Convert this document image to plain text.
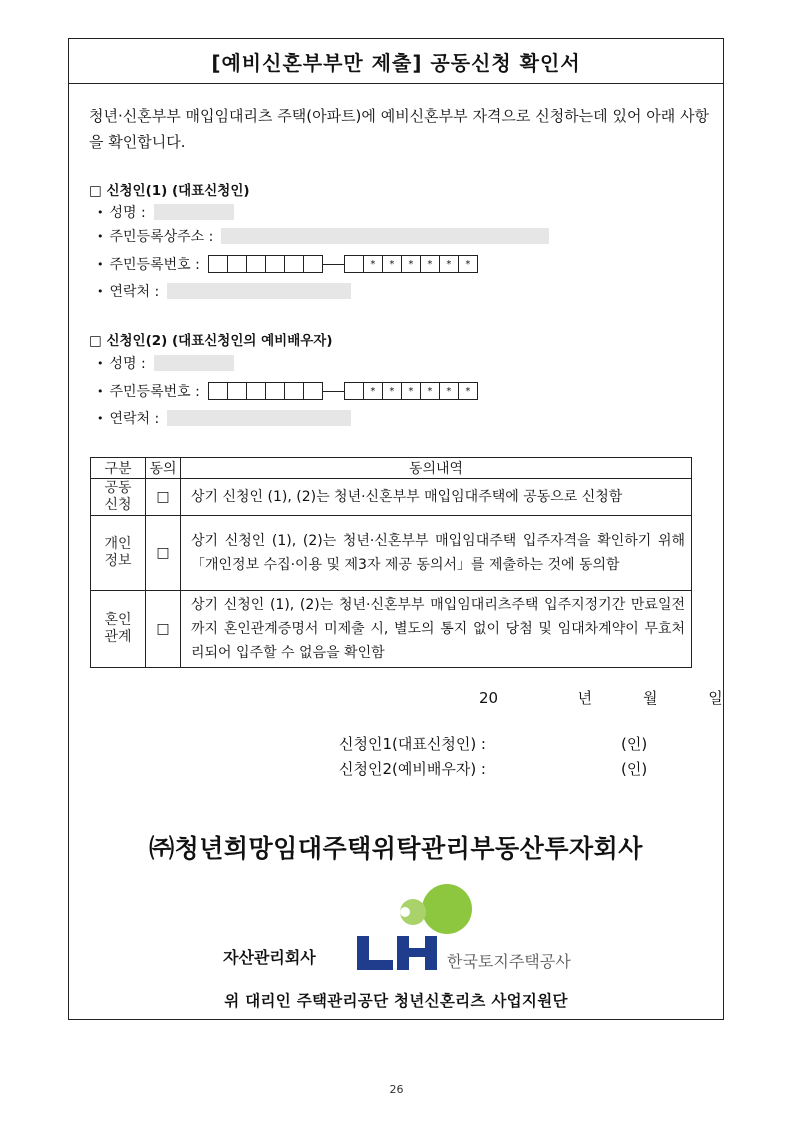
[예비신혼부부만 제출] 공동신청 확인서
청년·신혼부부 매입임대리츠 주택(아파트)에 예비신혼부부 자격으로 신청하는데 있어 아래 사항을 확인합니다.
□ 신청인(1) (대표신청인)
• 성명 :
• 주민등록상주소 :
• 주민등록번호 :	*	*	*	*	*	*
• 연락처 :
□ 신청인(2) (대표신청인의 예비배우자)
• 성명 :
• 주민등록번호 :	*	*	*	*	*	*
• 연락처 :
구분	동의	동의내역
공동
신청	□	상기 신청인 (1), (2)는 청년·신혼부부 매입임대주택에 공동으로 신청함
개인
정보	□	상기 신청인 (1), (2)는 청년·신혼부부 매입임대주택 입주자격을 확인하기 위해 「개인정보 수집·이용 및 제3자 제공 동의서」를 제출하는 것에 동의함
혼인
관계	□	상기 신청인 (1), (2)는 청년·신혼부부 매입임대리츠주택 입주지정기간 만료일전까지 혼인관계증명서 미제출 시, 별도의 통지 없이 당첨 및 임대차계약이 무효처리되어 입주할 수 없음을 확인함
20	년	월	일
신청인1(대표신청인) :	(인)
신청인2(예비배우자) :	(인)
㈜청년희망임대주택위탁관리부동산투자회사
자산관리회사	한국토지주택공사
위 대리인 주택관리공단 청년신혼리츠 사업지원단
26
